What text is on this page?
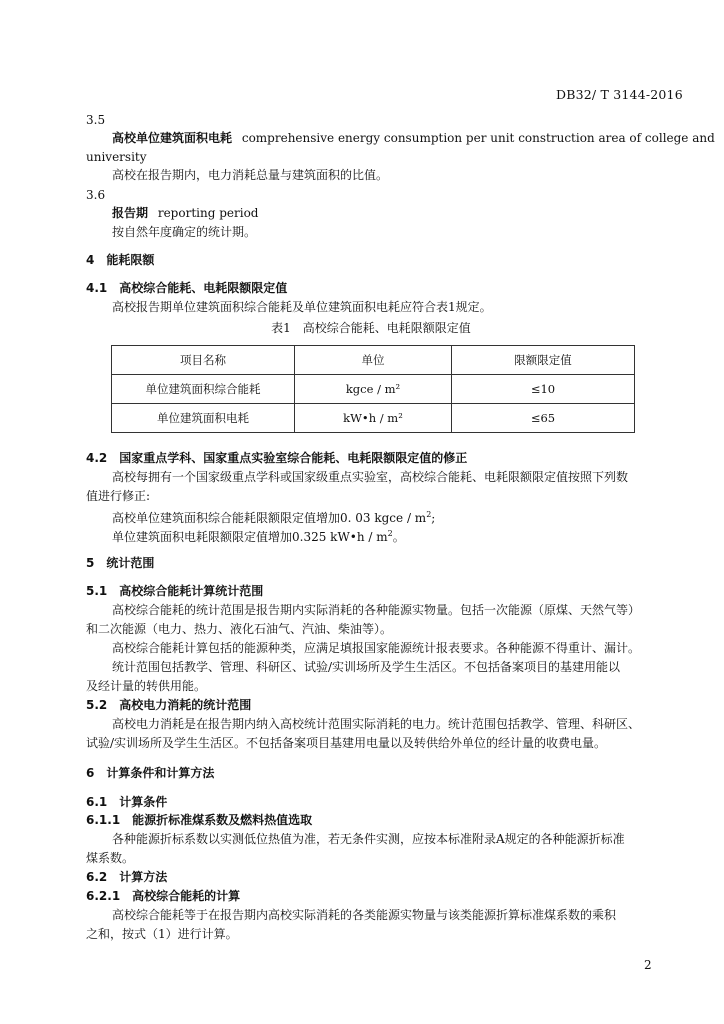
DB32/ T 3144-2016
3.5
高校单位建筑面积电耗 comprehensive energy consumption per unit construction area of college and
university
高校在报告期内，电力消耗总量与建筑面积的比值。
3.6
报告期 reporting period
按自然年度确定的统计期。
4 能耗限额
4.1 高校综合能耗、电耗限额限定值
高校报告期单位建筑面积综合能耗及单位建筑面积电耗应符合表1规定。
表1　高校综合能耗、电耗限额限定值
项目名称	单位	限额限定值
单位建筑面积综合能耗	kgce / m²	≤10
单位建筑面积电耗	kW•h / m²	≤65
4.2 国家重点学科、国家重点实验室综合能耗、电耗限额限定值的修正
高校每拥有一个国家级重点学科或国家级重点实验室，高校综合能耗、电耗限额限定值按照下列数
值进行修正:
高校单位建筑面积综合能耗限额限定值增加0. 03 kgce / $m^2$;
单位建筑面积电耗限额限定值增加0.325 kW•h / $m^2$。
5 统计范围
5.1 高校综合能耗计算统计范围
高校综合能耗的统计范围是报告期内实际消耗的各种能源实物量。包括一次能源（原煤、天然气等）
和二次能源（电力、热力、液化石油气、汽油、柴油等）。
高校综合能耗计算包括的能源种类，应满足填报国家能源统计报表要求。各种能源不得重计、漏计。
统计范围包括教学、管理、科研区、试验/实训场所及学生生活区。不包括备案项目的基建用能以
及经计量的转供用能。
5.2 高校电力消耗的统计范围
高校电力消耗是在报告期内纳入高校统计范围实际消耗的电力。统计范围包括教学、管理、科研区、
试验/实训场所及学生生活区。不包括备案项目基建用电量以及转供给外单位的经计量的收费电量。
6 计算条件和计算方法
6.1 计算条件
6.1.1 能源折标准煤系数及燃料热值选取
各种能源折标系数以实测低位热值为准，若无条件实测，应按本标准附录A规定的各种能源折标准
煤系数。
6.2 计算方法
6.2.1 高校综合能耗的计算
高校综合能耗等于在报告期内高校实际消耗的各类能源实物量与该类能源折算标准煤系数的乘积
之和，按式（1）进行计算。
2
